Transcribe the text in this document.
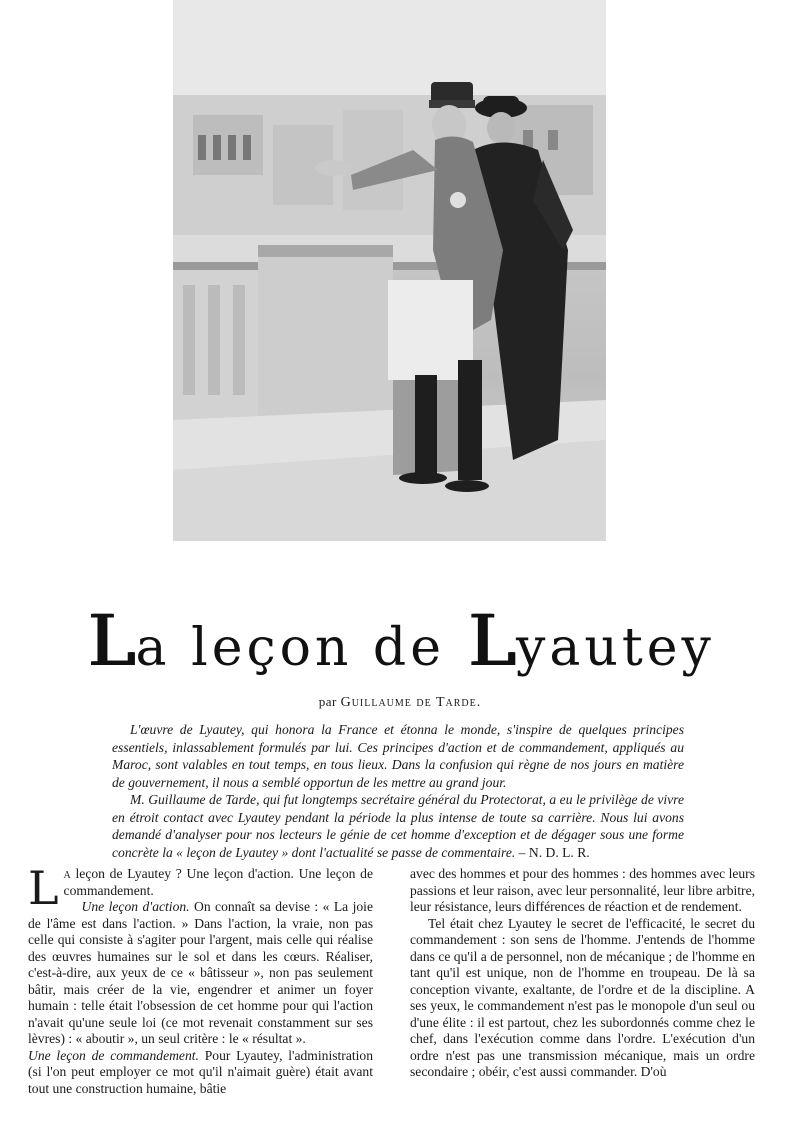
La leçon de Lyautey
par Guillaume de Tarde.

L'œuvre de Lyautey, qui honora la France et étonna le monde, s'inspire de quelques principes essentiels, inlassablement formulés par lui. Ces principes d'action et de commandement, appliqués au Maroc, sont valables en tout temps, en tous lieux. Dans la confusion qui règne de nos jours en matière de gouvernement, il nous a semblé opportun de les mettre au grand jour.

M. Guillaume de Tarde, qui fut longtemps secrétaire général du Protectorat, a eu le privilège de vivre en étroit contact avec Lyautey pendant la période la plus intense de toute sa carrière. Nous lui avons demandé d'analyser pour nos lecteurs le génie de cet homme d'exception et de dégager sous une forme concrète la « leçon de Lyautey » dont l'actualité se passe de commentaire. – N. D. L. R.

La leçon de Lyautey ? Une leçon d'action. Une leçon de commandement.

Une leçon d'action. On connaît sa devise : « La joie de l'âme est dans l'action. » Dans l'action, la vraie, non pas celle qui consiste à s'agiter pour l'argent, mais celle qui réalise des œuvres humaines sur le sol et dans les cœurs. Réaliser, c'est-à-dire, aux yeux de ce « bâtisseur », non pas seulement bâtir, mais créer de la vie, engendrer et animer un foyer humain : telle était l'obsession de cet homme pour qui l'action n'avait qu'une seule loi (ce mot revenait constamment sur ses lèvres) : « aboutir », un seul critère : le « résultat ».

Une leçon de commandement. Pour Lyautey, l'administration (si l'on peut employer ce mot qu'il n'aimait guère) était avant tout une construction humaine, bâtie

avec des hommes et pour des hommes : des hommes avec leurs passions et leur raison, avec leur personnalité, leur libre arbitre, leur résistance, leurs différences de réaction et de rendement.

Tel était chez Lyautey le secret de l'efficacité, le secret du commandement : son sens de l'homme. J'entends de l'homme dans ce qu'il a de personnel, non de mécanique ; de l'homme en tant qu'il est unique, non de l'homme en troupeau. De là sa conception vivante, exaltante, de l'ordre et de la discipline. A ses yeux, le commandement n'est pas le monopole d'un seul ou d'une élite : il est partout, chez les subordonnés comme chez le chef, dans l'exécution comme dans l'ordre. L'exécution d'un ordre n'est pas une transmission mécanique, mais un ordre secondaire ; obéir, c'est aussi commander. D'où
